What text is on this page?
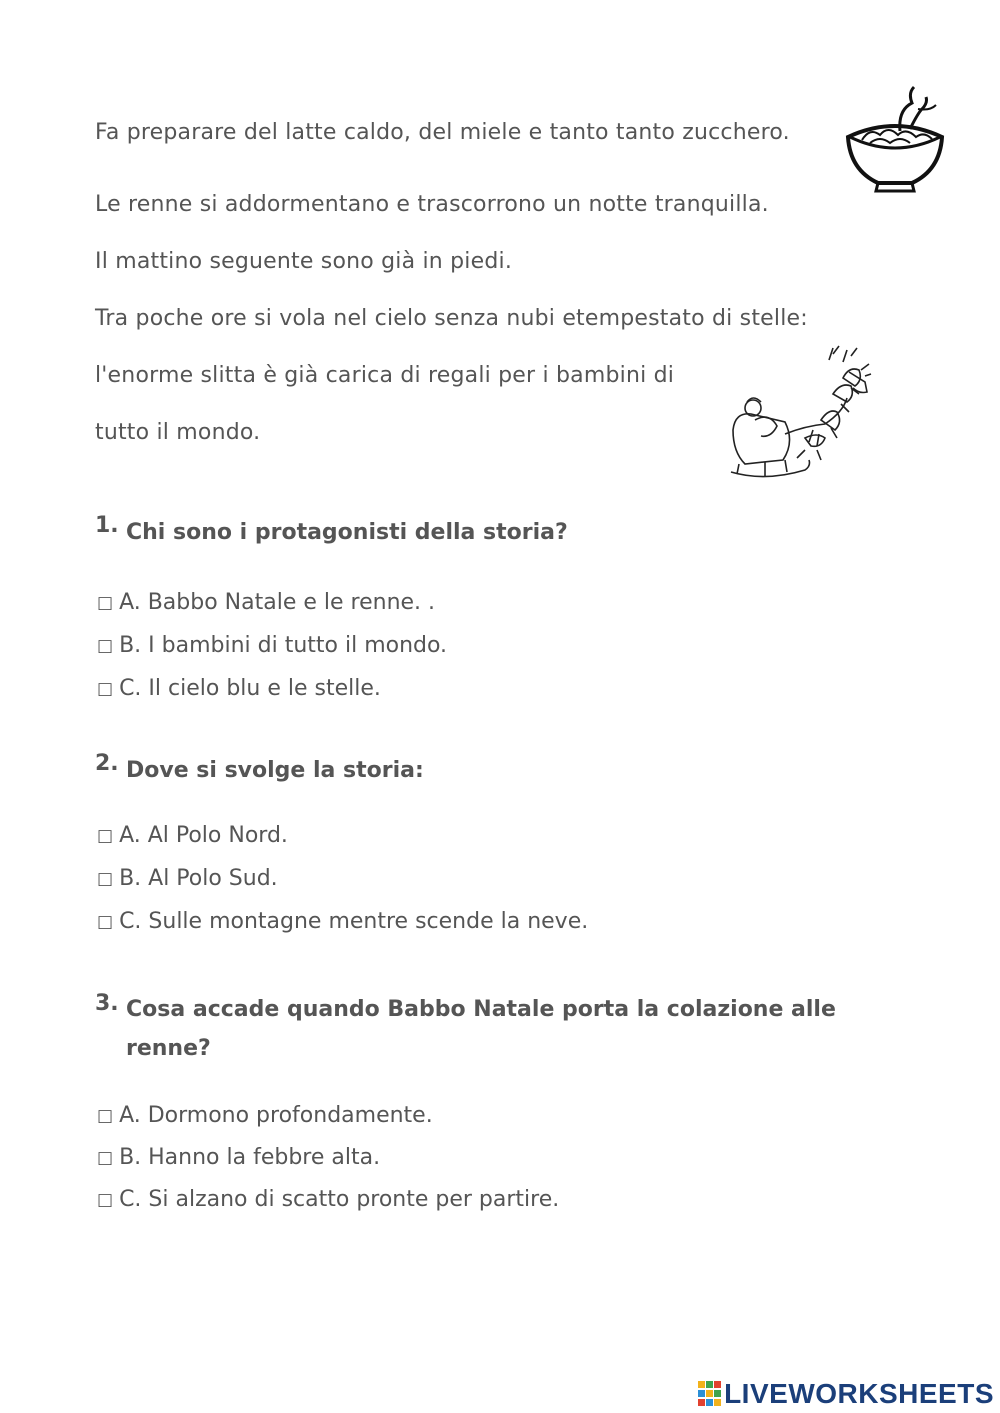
Fa preparare del latte caldo, del miele e tanto tanto zucchero.
Le renne si addormentano e trascorrono un notte tranquilla.
Il mattino seguente sono già in piedi.
Tra poche ore si vola nel cielo senza nubi etempestato di stelle:
l'enorme slitta è già carica di regali per i bambini di
tutto il mondo.
1. Chi sono i protagonisti della storia?
□ A. Babbo Natale e le renne. .
□ B. I bambini di tutto il mondo.
□ C. Il cielo blu e le stelle.
2. Dove si svolge la storia:
□ A. Al Polo Nord.
□ B. Al Polo Sud.
□ C. Sulle montagne mentre scende la neve.
3. Cosa accade quando Babbo Natale porta la colazione alle renne?
□ A. Dormono profondamente.
□ B. Hanno la febbre alta.
□ C. Si alzano di scatto pronte per partire.
LIVEWORKSHEETS
